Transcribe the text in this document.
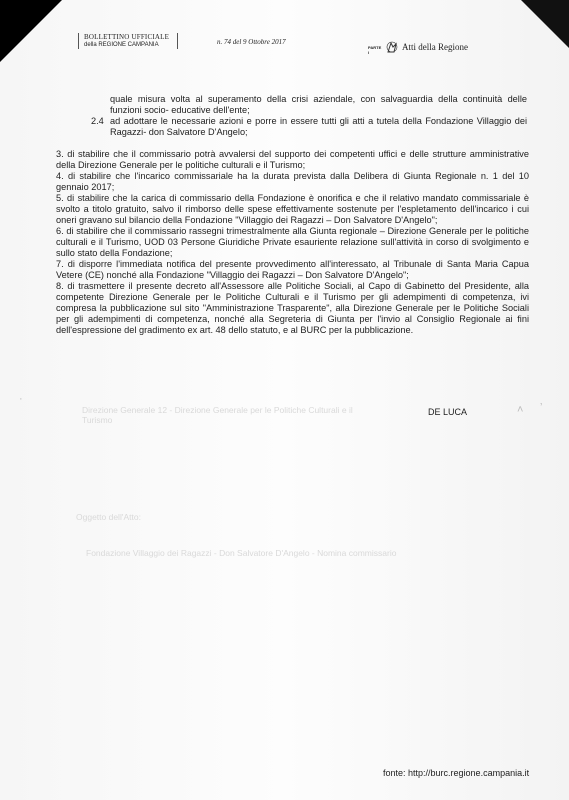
BOLLETTINO UFFICIALE
della REGIONE CAMPANIA	n. 74 del 9 Ottobre 2017
PARTE I
Atti della Regione

quale misura volta al superamento della crisi aziendale, con salvaguardia della continuità delle funzioni socio- educative dell'ente;

2.4 ad adottare le necessarie azioni e porre in essere tutti gli atti a tutela della Fondazione Villaggio dei Ragazzi- don Salvatore D'Angelo;

3. di stabilire che il commissario potrà avvalersi del supporto dei competenti uffici e delle strutture amministrative della Direzione Generale per le politiche culturali e il Turismo;

4. di stabilire che l'incarico commissariale ha la durata prevista dalla Delibera di Giunta Regionale n. 1 del 10 gennaio 2017;

5. di stabilire che la carica di commissario della Fondazione è onorifica e che il relativo mandato commissariale è svolto a titolo gratuito, salvo il rimborso delle spese effettivamente sostenute per l'espletamento dell'incarico i cui oneri gravano sul bilancio della Fondazione "Villaggio dei Ragazzi – Don Salvatore D'Angelo";

6. di stabilire che il commissario rassegni trimestralmente alla Giunta regionale – Direzione Generale per le politiche culturali e il Turismo, UOD 03 Persone Giuridiche Private esauriente relazione sull'attività in corso di svolgimento e sullo stato della Fondazione;

7. di disporre l'immediata notifica del presente provvedimento all'interessato, al Tribunale di Santa Maria Capua Vetere (CE) nonché alla Fondazione "Villaggio dei Ragazzi – Don Salvatore D'Angelo";

8. di trasmettere il presente decreto all'Assessore alle Politiche Sociali, al Capo di Gabinetto del Presidente, alla competente Direzione Generale per le Politiche Culturali e il Turismo per gli adempimenti di competenza, ivi compresa la pubblicazione sul sito "Amministrazione Trasparente", alla Direzione Generale per le Politiche Sociali per gli adempimenti di competenza, nonché alla Segreteria di Giunta per l'invio al Consiglio Regionale ai fini dell'espressione del gradimento ex art. 48 dello statuto, e al BURC per la pubblicazione.

Direzione Generale 12 - Direzione Generale per le Politiche Culturali e il
Turismo
Oggetto dell'Atto:
Fondazione Villaggio dei Ragazzi - Don Salvatore D'Angelo - Nomina commissario
DE LUCA	˄ ʼ
·
fonte: http://burc.regione.campania.it
